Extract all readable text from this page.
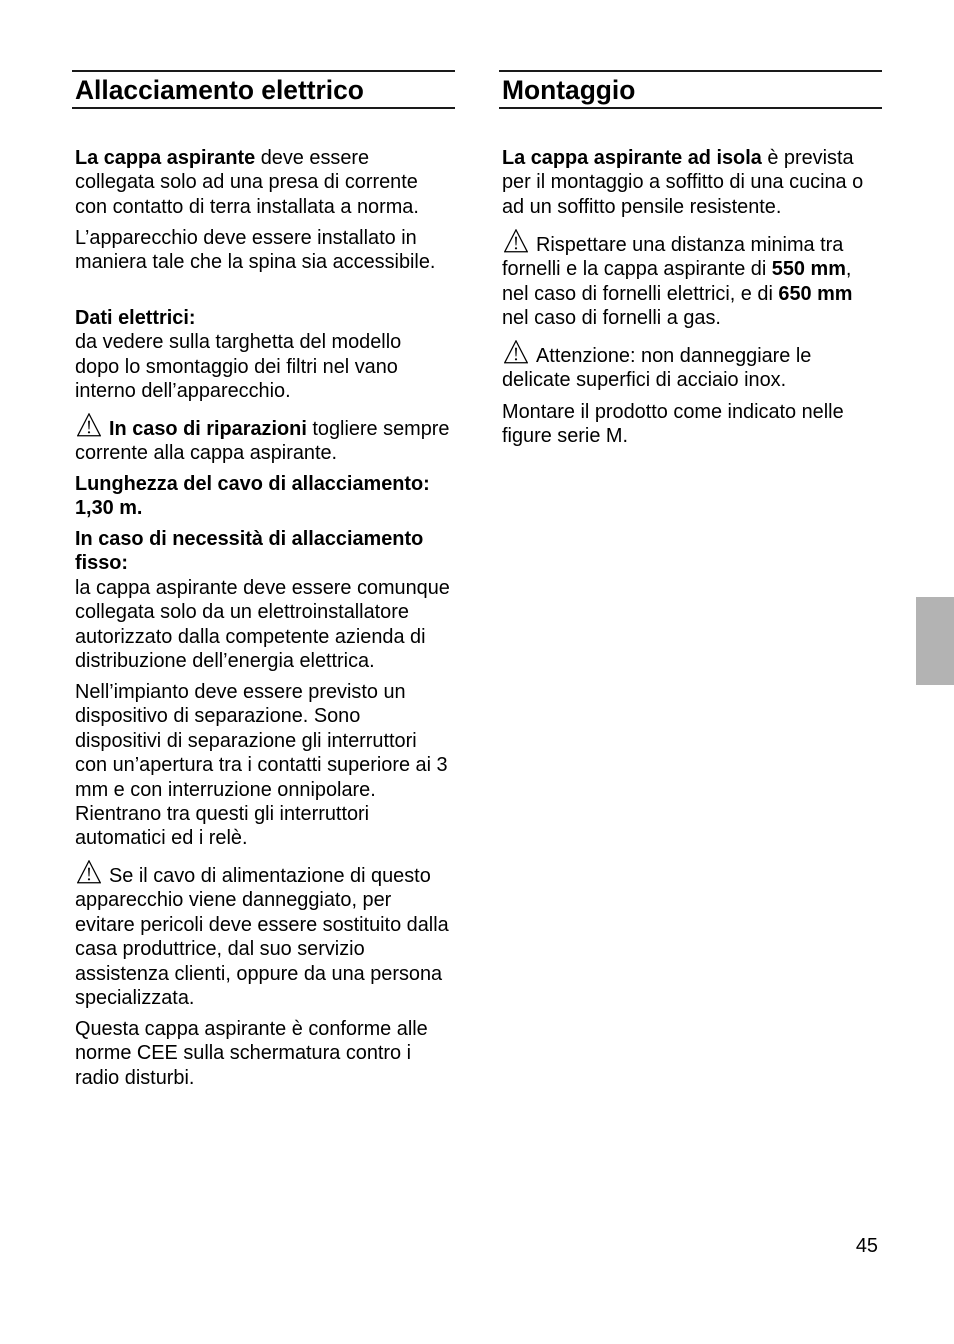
Allacciamento elettrico
La cappa aspirante deve essere
collegata solo ad una presa di corrente
con contatto di terra installata a norma.
L’apparecchio deve essere installato in
maniera tale che la spina sia accessibile.
Dati elettrici:
da vedere sulla targhetta del modello
dopo lo smontaggio dei filtri nel vano
interno dell’apparecchio.
In caso di riparazioni togliere sempre
corrente alla cappa aspirante.
Lunghezza del cavo di allacciamento:
1,30 m.
In caso di necessità di allacciamento
fisso:
la cappa aspirante deve essere comunque
collegata solo da un elettroinstallatore
autorizzato dalla competente azienda di
distribuzione dell’energia elettrica.
Nell’impianto deve essere previsto un
dispositivo di separazione. Sono
dispositivi di separazione gli interruttori
con un’apertura tra i contatti superiore ai 3
mm e con interruzione onnipolare.
Rientrano tra questi gli interruttori
automatici ed i relè.
Se il cavo di alimentazione di questo
apparecchio viene danneggiato, per
evitare pericoli deve essere sostituito dalla
casa produttrice, dal suo servizio
assistenza clienti, oppure da una persona
specializzata.
Questa cappa aspirante è conforme alle
norme CEE sulla schermatura contro i
radio disturbi.
Montaggio
La cappa aspirante ad isola è prevista
per il montaggio a soffitto di una cucina o
ad un soffitto pensile resistente.
Rispettare una distanza minima tra
fornelli e la cappa aspirante di 550 mm,
nel caso di fornelli elettrici, e di 650 mm
nel caso di fornelli a gas.
Attenzione: non danneggiare le
delicate superfici di acciaio inox.
Montare il prodotto come indicato nelle
figure serie M.
45
